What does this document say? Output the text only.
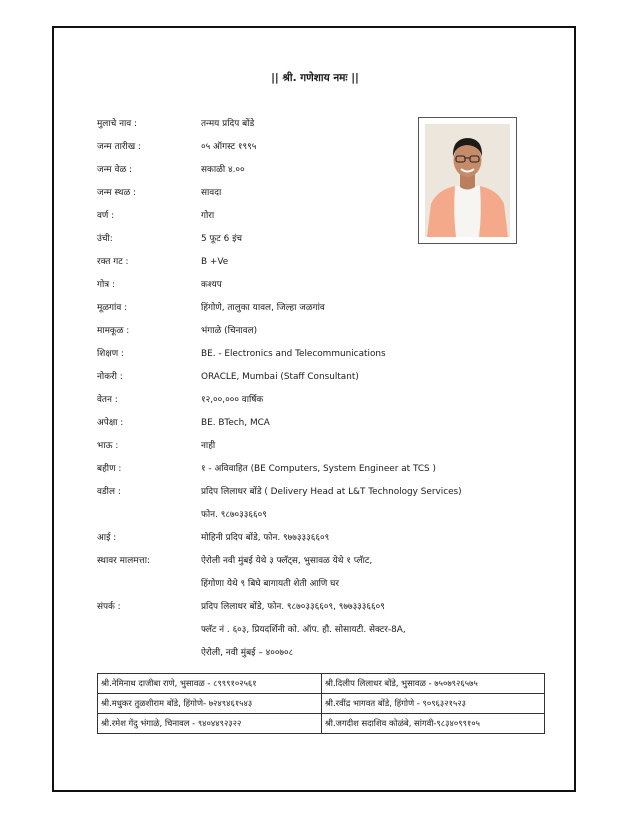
|| श्री. गणेशाय नमः ||
मुलाचे नाव :	तन्मय प्रदिप बोंडे
जन्म तारीख :	०५ ऑगस्ट १९९५
जन्म वेळ :	सकाळी ४.००
जन्म स्थळ :	सावदा
वर्ण :	गोरा
उंची:	5 फूट 6 इंच
रक्त गट :	B +Ve
गोत्र :	कश्यप
मूळगांव :	हिंगोणे, तालुका यावल, जिल्हा जळगांव
मामकूळ :	भंगाळे (चिनावल)
शिक्षण :	BE. - Electronics and Telecommunications
नोकरी :	ORACLE, Mumbai (Staff Consultant)
वेतन :	१२,००,००० वार्षिक
अपेक्षा :	BE. BTech, MCA
भाऊ :	नाही
बहीण :	१ - अविवाहित (BE Computers, System Engineer at TCS )
वडील :	प्रदिप लिलाधर बोंडे ( Delivery Head at L&T Technology Services)
फोन. ९८७०३३६६०९
आई :	मोहिनी प्रदिप बोंडे, फोन. ९७७३३३६६०९
स्थावर मालमत्ता:	ऐरोली नवी मुंबई येथे ३ फ्लॅट्स, भुसावळ येथे १ प्लॅाट,
हिंगोणा येथे ९ बिघे बागायती शेती आणि घर
संपर्क :	प्रदिप लिलाधर बोंडे, फोन. ९८७०३३६६०९, ९७७३३३६६०९
फ्लॅट नं . ६०३, प्रियदर्शिनी को. ऑप. हौ. सोसायटी. सेक्टर-8A,
ऐरोली, नवी मुंबई – ४००७०८
श्री.नेमिनाथ दाजीबा राणे, भुसावळ - ८९९९१०२५६१	श्री.दिलीप लिलाधर बोंडे, भुसावळ - ७५०७९२६५७५
श्री.मधुकर तुळशीराम बोंडे, हिंगोणे- ७२४९४६१५४३	श्री.रवींद्र भागवत बोंडे, हिंगोणे - ९०९६३२१५२३
श्री.रमेश गेंदु भंगाळे, चिनावल - ९४०४४९२३२२	श्री.जगदीश सदाशिव कोळंबे, सांगवी-९८३४०९९१०५
